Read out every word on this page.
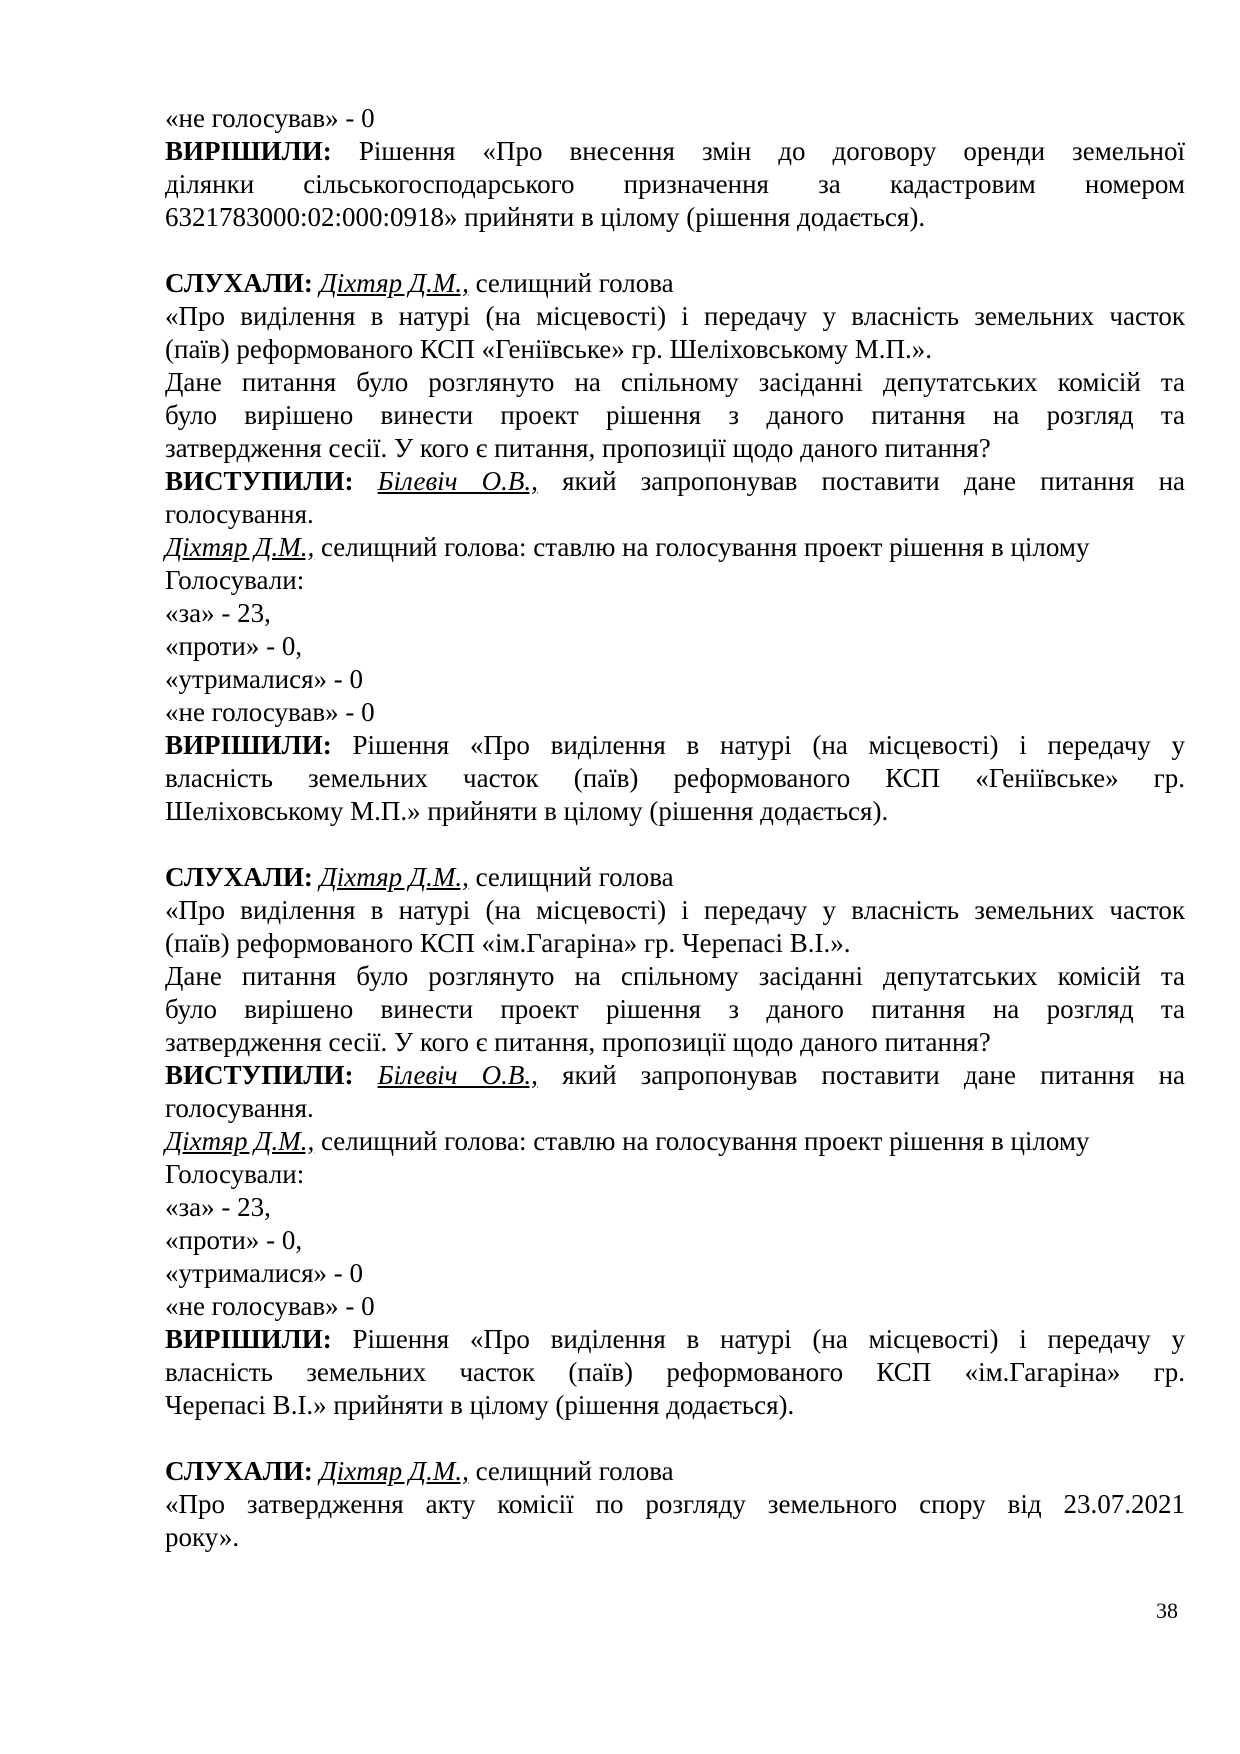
«не голосував» - 0
ВИРІШИЛИ: Рішення «Про внесення змін до договору оренди земельної
ділянки сільськогосподарського призначення за кадастровим номером
6321783000:02:000:0918» прийняти в цілому (рішення додається).
СЛУХАЛИ: Діхтяр Д.М., селищний голова
«Про виділення в натурі (на місцевості) і передачу у власність земельних часток
(паїв) реформованого КСП «Геніївське» гр. Шеліховському М.П.».
Дане питання було розглянуто на спільному засіданні депутатських комісій та
було вирішено винести проект рішення з даного питання на розгляд та
затвердження сесії. У кого є питання, пропозиції щодо даного питання?
ВИСТУПИЛИ: Білевіч О.В., який запропонував поставити дане питання на
голосування.
Діхтяр Д.М., селищний голова: ставлю на голосування проект рішення в цілому
Голосували:
«за» - 23,
«проти» - 0,
«утрималися» - 0
«не голосував» - 0
ВИРІШИЛИ: Рішення «Про виділення в натурі (на місцевості) і передачу у
власність земельних часток (паїв) реформованого КСП «Геніївське» гр.
Шеліховському М.П.» прийняти в цілому (рішення додається).
СЛУХАЛИ: Діхтяр Д.М., селищний голова
«Про виділення в натурі (на місцевості) і передачу у власність земельних часток
(паїв) реформованого КСП «ім.Гагаріна» гр. Черепасі В.І.».
Дане питання було розглянуто на спільному засіданні депутатських комісій та
було вирішено винести проект рішення з даного питання на розгляд та
затвердження сесії. У кого є питання, пропозиції щодо даного питання?
ВИСТУПИЛИ: Білевіч О.В., який запропонував поставити дане питання на
голосування.
Діхтяр Д.М., селищний голова: ставлю на голосування проект рішення в цілому
Голосували:
«за» - 23,
«проти» - 0,
«утрималися» - 0
«не голосував» - 0
ВИРІШИЛИ: Рішення «Про виділення в натурі (на місцевості) і передачу у
власність земельних часток (паїв) реформованого КСП «ім.Гагаріна» гр.
Черепасі В.І.» прийняти в цілому (рішення додається).
СЛУХАЛИ: Діхтяр Д.М., селищний голова
«Про затвердження акту комісії по розгляду земельного спору від 23.07.2021
року».
38
